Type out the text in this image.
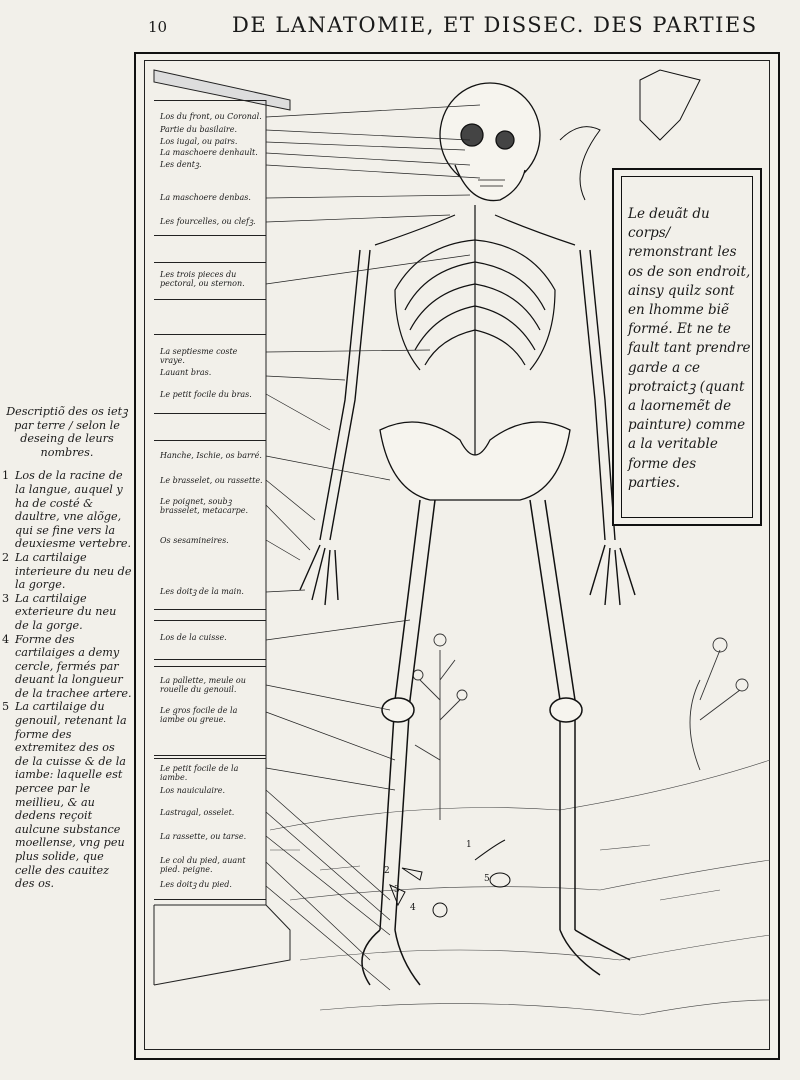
10	DE LANATOMIE, ET DISSEC. DES PARTIES
1
2
3
4
5
Los du front, ou Coronal.
Partie du basilaire.
Los iugal, ou pairs.
La maschoere denhault.
Les dentꝫ.
La maschoere denbas.
Les fourcelles, ou clefꝫ.
Les trois pieces du pectoral, ou sternon.
La septiesme coste vraye.
Lauant bras.
Le petit focile du bras.
Hanche, Ischie, os barré.
Le brasselet, ou rassette.
Le poignet, soubꝫ brasselet, metacarpe.
Os sesamineires.
Les doitꝫ de la main.
Los de la cuisse.
La pallette, meule ou rouelle du genouil.
Le gros focile de la iambe ou greue.
Le petit focile de la iambe.
Los nauiculaire.
Lastragal, osselet.
La rassette, ou tarse.
Le col du pied, auant pied. peigne.
Les doitꝫ du pied.
Le deuãt du corps/ remonstrant les os de son endroit, ainsy quilz sont en lhomme biẽ formé. Et ne te fault tant prendre garde a ce protraictꝫ (quant a laornemẽt de painture) comme a la veritable forme des parties.
Descriptiõ des os ietꝫ par terre / selon le deseing de leurs nombres.
1 Los de la racine de la langue, auquel y ha de costé & daultre, vne alõge, qui se fine vers la deuxiesme vertebre.
2 La cartilaige interieure du neu de la gorge.
3 La cartilaige exterieure du neu de la gorge.
4 Forme des cartilaiges a demy cercle, fermés par deuant la longueur de la trachee artere.
5 La cartilaige du genouil, retenant la forme des extremitez des os de la cuisse & de la iambe: laquelle est percee par le meillieu, & au dedens reçoit aulcune substance moellense, vng peu plus solide, que celle des cauitez des os.
